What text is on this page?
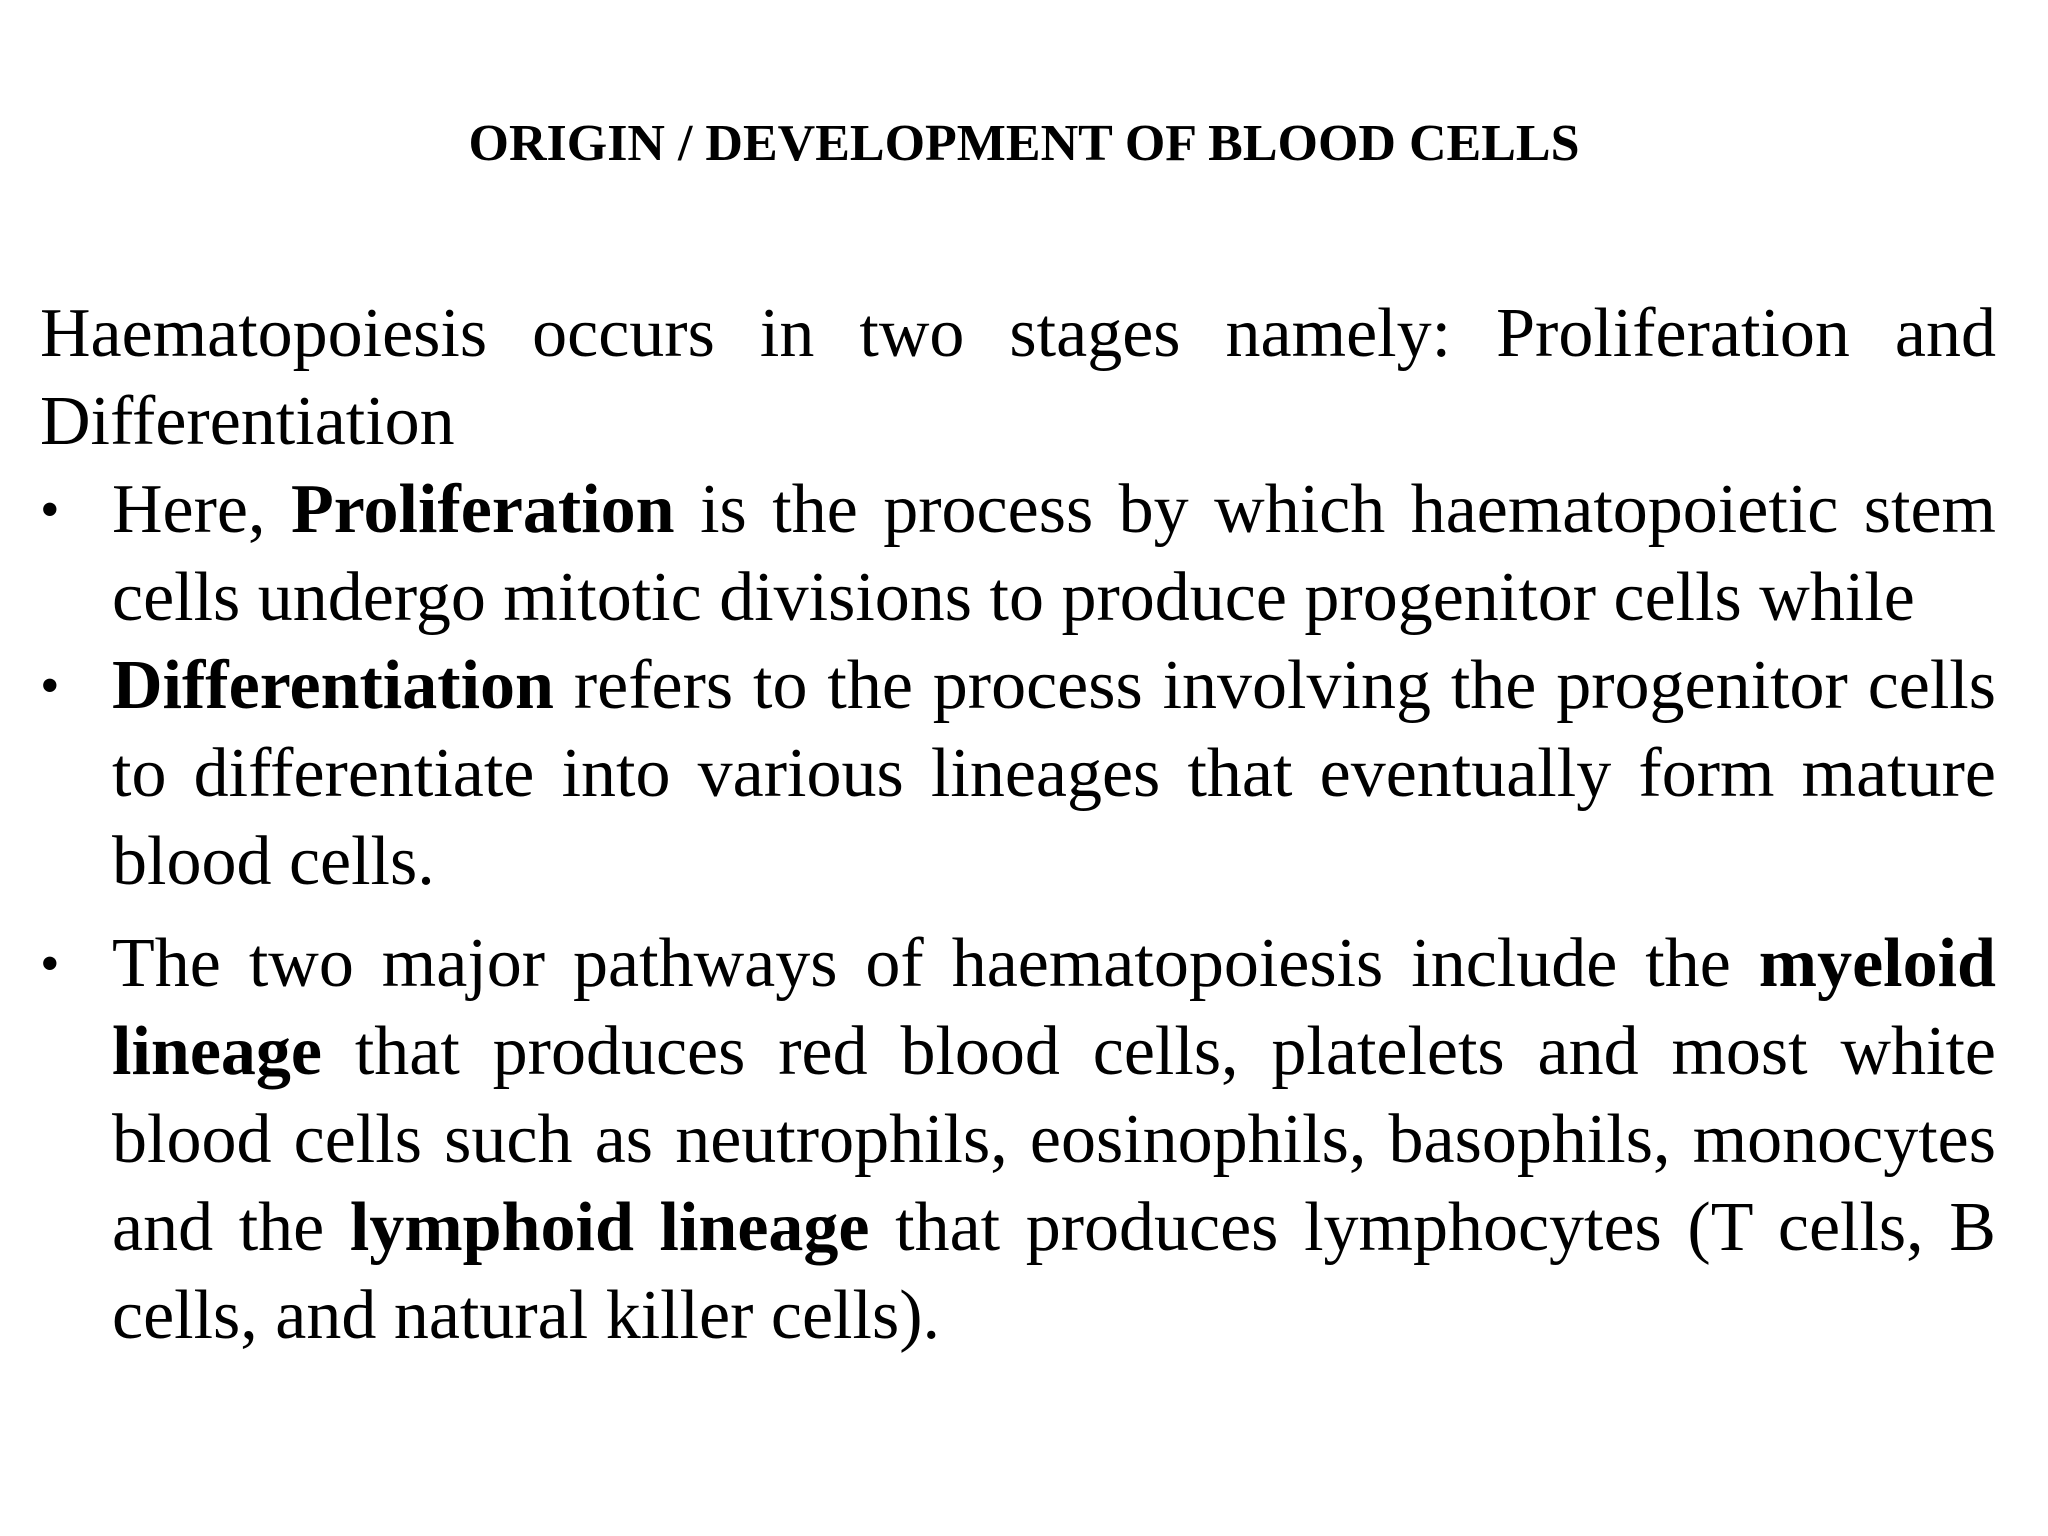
ORIGIN / DEVELOPMENT OF BLOOD CELLS

Haematopoiesis occurs in two stages namely: Proliferation and Differentiation

• Here, Proliferation is the process by which haematopoietic stem cells undergo mitotic divisions to produce progenitor cells while
• Differentiation refers to the process involving the progenitor cells to differentiate into various lineages that eventually form mature blood cells.
• The two major pathways of haematopoiesis include the myeloid lineage that produces red blood cells, platelets and most white blood cells such as neutrophils, eosinophils, basophils, monocytes and the lymphoid lineage that produces lymphocytes (T cells, B cells, and natural killer cells).
